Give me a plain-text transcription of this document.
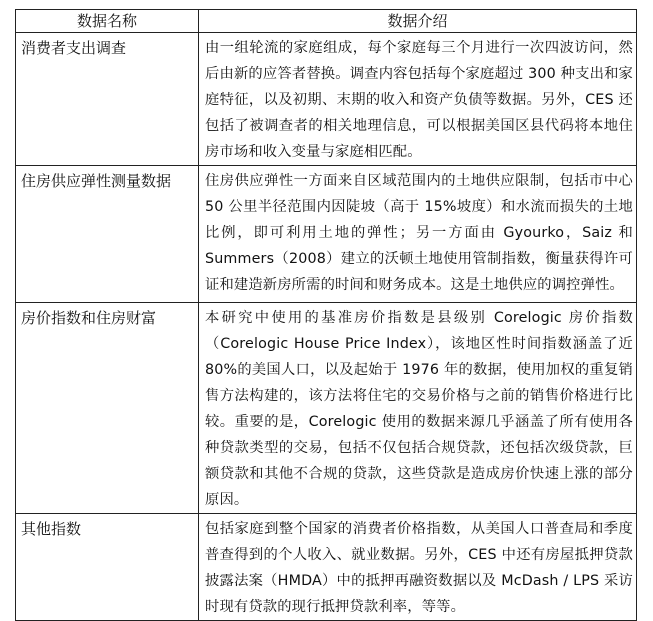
数据名称	数据介绍
消费者支出调查	由一组轮流的家庭组成，每个家庭每三个月进行一次四波访问，然后由新的应答者替换。调查内容包括每个家庭超过 300 种支出和家庭特征，以及初期、末期的收入和资产负债等数据。另外，CES 还包括了被调查者的相关地理信息，可以根据美国区县代码将本地住房市场和收入变量与家庭相匹配。
住房供应弹性测量数据	住房供应弹性一方面来自区域范围内的土地供应限制，包括市中心 50 公里半径范围内因陡坡（高于 15%坡度）和水流而损失的土地比例，即可利用土地的弹性；另一方面由 Gyourko，Saiz 和 Summers（2008）建立的沃顿土地使用管制指数，衡量获得许可证和建造新房所需的时间和财务成本。这是土地供应的调控弹性。
房价指数和住房财富	本研究中使用的基准房价指数是县级别 Corelogic 房价指数（Corelogic House Price Index），该地区性时间指数涵盖了近80%的美国人口，以及起始于 1976 年的数据，使用加权的重复销售方法构建的，该方法将住宅的交易价格与之前的销售价格进行比较。重要的是，Corelogic 使用的数据来源几乎涵盖了所有使用各种贷款类型的交易，包括不仅包括合规贷款，还包括次级贷款，巨额贷款和其他不合规的贷款，这些贷款是造成房价快速上涨的部分原因。
其他指数	包括家庭到整个国家的消费者价格指数，从美国人口普查局和季度普查得到的个人收入、就业数据。另外，CES 中还有房屋抵押贷款披露法案（HMDA）中的抵押再融资数据以及 McDash / LPS 采访时现有贷款的现行抵押贷款利率，等等。
